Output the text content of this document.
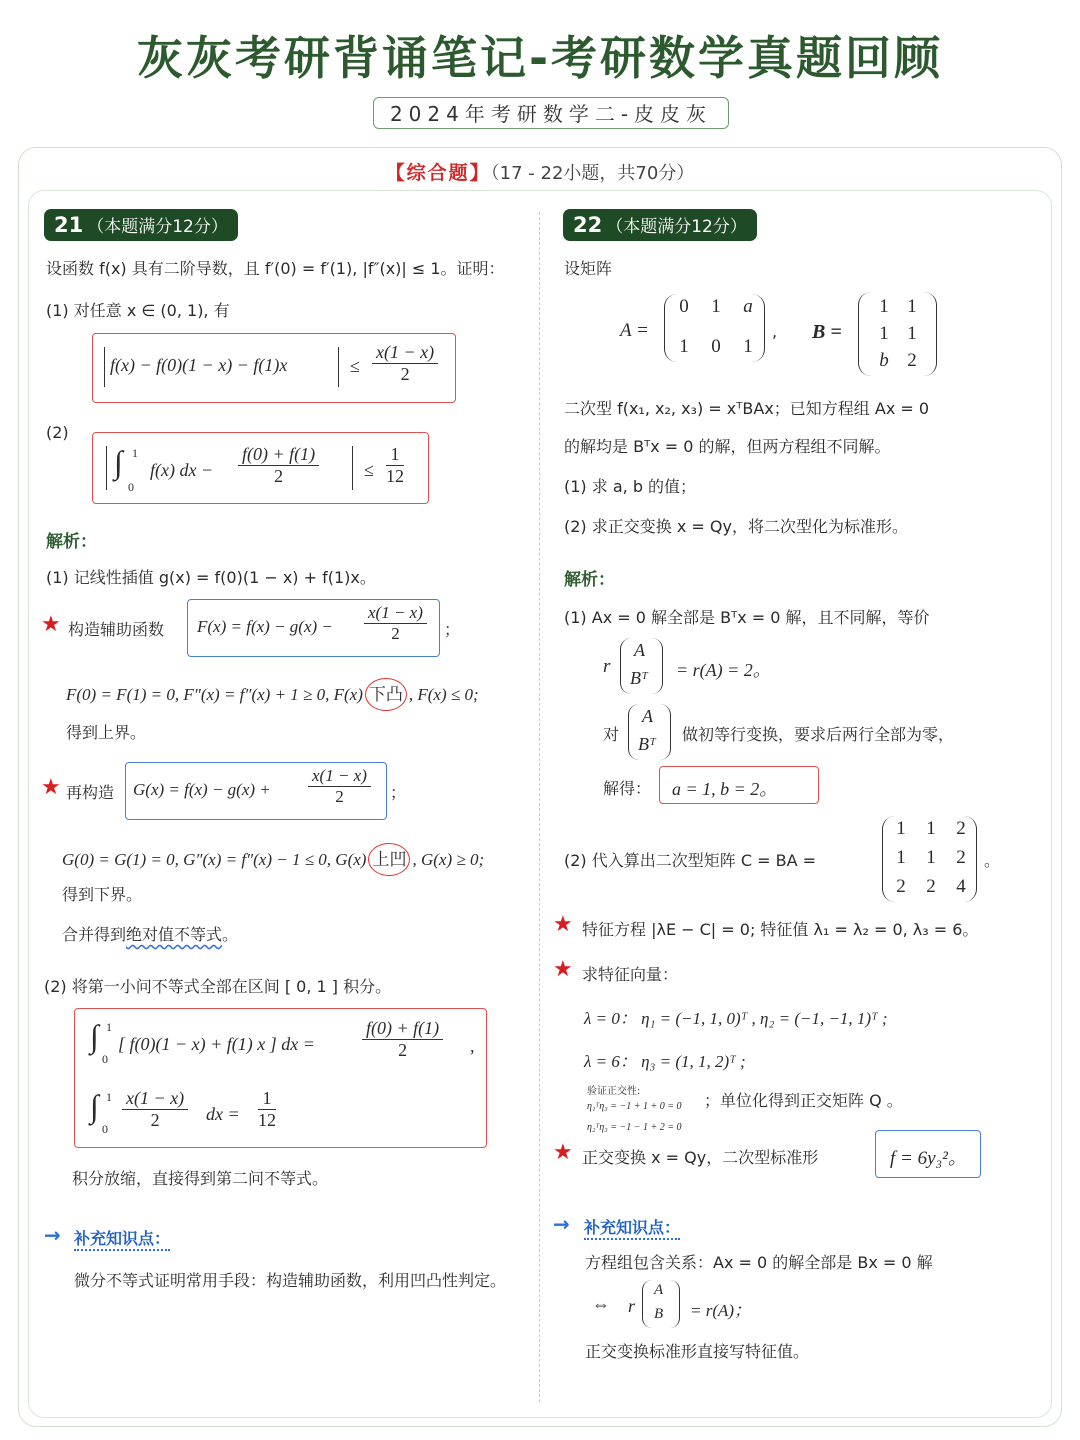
灰灰考研背诵笔记-考研数学真题回顾
2024年考研数学二-皮皮灰
【综合题】（17 - 22小题，共70分）
21 （本题满分12分）
设函数 f(x) 具有二阶导数，且 f′(0) = f′(1), |f″(x)| ≤ 1。证明：
(1) 对任意 x ∈ (0, 1), 有
f(x) − f(0)(1 − x) − f(1)x	≤ $\frac{x(1 - x)}{2}$
(2)
∫ 1
0
f(x) dx − $\frac{f(0) + f(1)}{2} \le \frac{1}{12}$
解析：
(1) 记线性插值 g(x) = f(0)(1 − x) + f(1)x。
★ 构造辅助函数 $F(x) = f(x) - g(x) - \frac{x(1 - x)}{2}$ ；
F(0) = F(1) = 0, F″(x) = f″(x) + 1 ≥ 0, F(x) 下凸 , F(x) ≤ 0;
得到上界。
★ 再构造 $G(x) = f(x) - g(x) + \frac{x(1 - x)}{2}$ ；
G(0) = G(1) = 0, G″(x) = f″(x) − 1 ≤ 0, G(x) 上凹 , G(x) ≥ 0;
得到下界。
合并得到绝对值不等式。
(2) 将第一小问不等式全部在区间 [ 0, 1 ] 积分。
∫ 1
0
[ f(0)(1 − x) + f(1) x ] dx =	$\frac{f(0) + f(1)}{2}$ ,
∫ 1
$0 \frac{x(1 - x)}{2}$ dx = $\frac{1}{12}$
积分放缩，直接得到第二问不等式。
→ 补充知识点：
微分不等式证明常用手段：构造辅助函数，利用凹凸性判定。
22 （本题满分12分）
设矩阵
A =	, B =
二次型 f(x₁, x₂, x₃) = xᵀBAx；已知方程组 Ax = 0
的解均是 Bᵀx = 0 的解，但两方程组不同解。
(1) 求 a, b 的值；
(2) 求正交变换 x = Qy，将二次型化为标准形。
解析：
(1) Ax = 0 解全部是 Bᵀx = 0 解，且不同解，等价
r
A
Bᵀ = r(A) = 2。
对
A
Bᵀ 做初等行变换，要求后两行全部为零，
解得： a = 1, b = 2。
(2) 代入算出二次型矩阵 C = BA =	。
★ 特征方程 |λE − C| = 0; 特征值 λ₁ = λ₂ = 0, λ₃ = 6。
★ 求特征向量：
λ = 0： η₁ = (−1, 1, 0)ᵀ , η₂ = (−1, −1, 1)ᵀ ;
λ = 6： η₃ = (1, 1, 2)ᵀ ;
验证正交性:
η₁ᵀη₃ = −1 + 1 + 0 = 0
η₂ᵀη₃ = −1 − 1 + 2 = 0
；单位化得到正交矩阵 Q 。
★ 正交变换 x = Qy，二次型标准形	f = 6y₃²。
→ 补充知识点：
方程组包含关系：Ax = 0 的解全部是 Bx = 0 解
⇔ r
A
B = r(A)；
正交变换标准形直接写特征值。
0	1	a
1	0	1
1 1
1 1
b 2
1	1	2
1	1	2
2	2	4
